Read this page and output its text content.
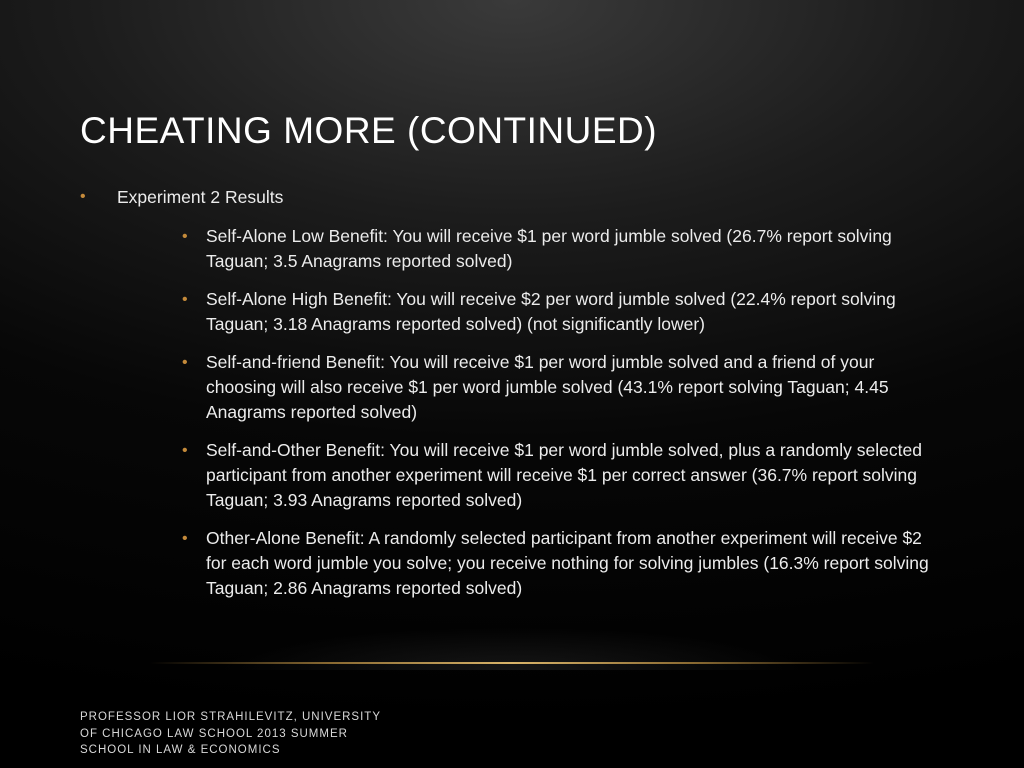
CHEATING MORE (CONTINUED)
• Experiment 2 Results
• Self-Alone Low Benefit: You will receive $1 per word jumble solved (26.7% report solving Taguan; 3.5 Anagrams reported solved)
• Self-Alone High Benefit: You will receive $2 per word jumble solved (22.4% report solving Taguan; 3.18 Anagrams reported solved) (not significantly lower)
• Self-and-friend Benefit: You will receive $1 per word jumble solved and a friend of your choosing will also receive $1 per word jumble solved (43.1% report solving Taguan; 4.45 Anagrams reported solved)
• Self-and-Other Benefit: You will receive $1 per word jumble solved, plus a randomly selected participant from another experiment will receive $1 per correct answer (36.7% report solving Taguan; 3.93 Anagrams reported solved)
• Other-Alone Benefit: A randomly selected participant from another experiment will receive $2 for each word jumble you solve; you receive nothing for solving jumbles (16.3% report solving Taguan; 2.86 Anagrams reported solved)
PROFESSOR LIOR STRAHILEVITZ, UNIVERSITY OF CHICAGO LAW SCHOOL 2013 SUMMER SCHOOL IN LAW & ECONOMICS
